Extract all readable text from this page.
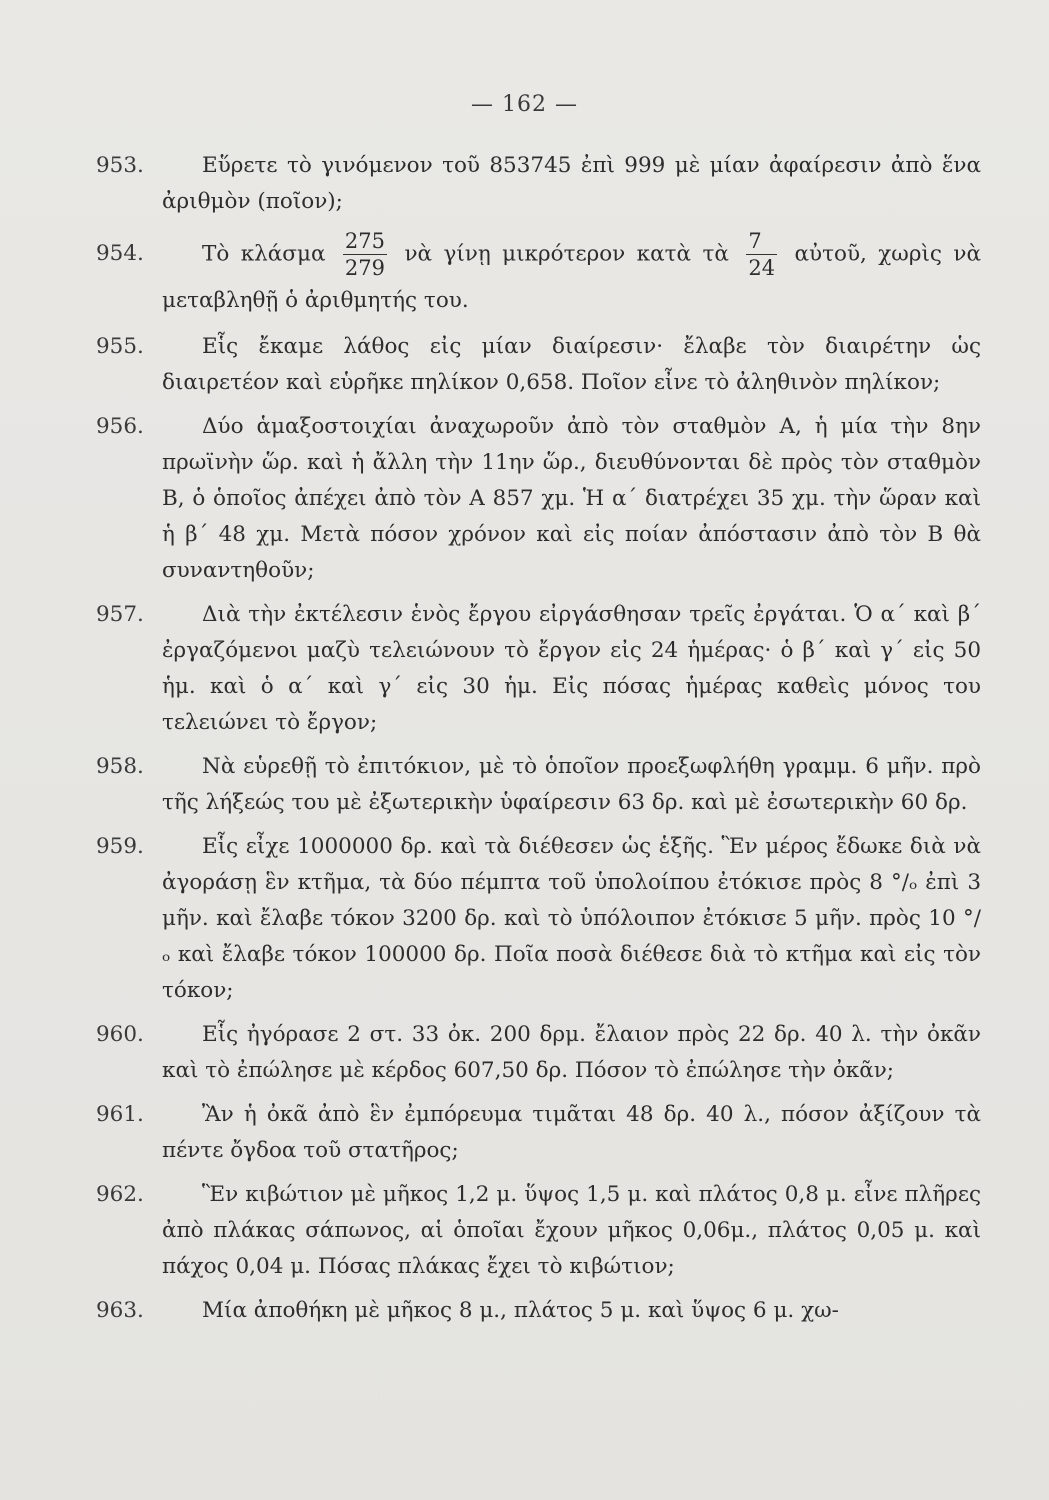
— 162 —
953.	Εὕρετε τὸ γινόμενον τοῦ 853745 ἐπὶ 999 μὲ μίαν ἀφαίρεσιν ἀπὸ ἕνα ἀριθμὸν (ποῖον);
954.	Τὸ κλάσμα $\frac{275}{279}$ νὰ γίνῃ μικρότερον κατὰ τὰ $\frac{7}{24}$ αὐτοῦ, χωρὶς νὰ μεταβληθῇ ὁ ἀριθμητής του.
955.	Εἷς ἔκαμε λάθος εἰς μίαν διαίρεσιν· ἔλαβε τὸν διαιρέτην ὡς διαιρετέον καὶ εὑρῆκε πηλίκον 0,658. Ποῖον εἶνε τὸ ἀληθινὸν πηλίκον;
956.	Δύο ἁμαξοστοιχίαι ἀναχωροῦν ἀπὸ τὸν σταθμὸν Α, ἡ μία τὴν 8ην πρωϊνὴν ὥρ. καὶ ἡ ἄλλη τὴν 11ην ὥρ., διευθύνονται δὲ πρὸς τὸν σταθμὸν Β, ὁ ὁποῖος ἀπέχει ἀπὸ τὸν Α 857 χμ. Ἡ α΄ διατρέχει 35 χμ. τὴν ὥραν καὶ ἡ β΄ 48 χμ. Μετὰ πόσον χρόνον καὶ εἰς ποίαν ἀπόστασιν ἀπὸ τὸν Β θὰ συναντηθοῦν;
957.	Διὰ τὴν ἐκτέλεσιν ἑνὸς ἔργου εἰργάσθησαν τρεῖς ἐργάται. Ὁ α΄ καὶ β΄ ἐργαζόμενοι μαζὺ τελειώνουν τὸ ἔργον εἰς 24 ἡμέρας· ὁ β΄ καὶ γ΄ εἰς 50 ἡμ. καὶ ὁ α΄ καὶ γ΄ εἰς 30 ἡμ. Εἰς πόσας ἡμέρας καθεὶς μόνος του τελειώνει τὸ ἔργον;
958.	Νὰ εὑρεθῇ τὸ ἐπιτόκιον, μὲ τὸ ὁποῖον προεξωφλήθη γραμμ. 6 μῆν. πρὸ τῆς λήξεώς του μὲ ἐξωτερικὴν ὑφαίρεσιν 63 δρ. καὶ μὲ ἐσωτερικὴν 60 δρ.
959.	Εἷς εἶχε 1000000 δρ. καὶ τὰ διέθεσεν ὡς ἑξῆς. Ἓν μέρος ἔδωκε διὰ νὰ ἀγοράσῃ ἓν κτῆμα, τὰ δύο πέμπτα τοῦ ὑπολοίπου ἐτόκισε πρὸς 8 °/ₒ ἐπὶ 3 μῆν. καὶ ἔλαβε τόκον 3200 δρ. καὶ τὸ ὑπόλοιπον ἐτόκισε 5 μῆν. πρὸς 10 °/ₒ καὶ ἔλαβε τόκον 100000 δρ. Ποῖα ποσὰ διέθεσε διὰ τὸ κτῆμα καὶ εἰς τὸν τόκον;
960.	Εἷς ἠγόρασε 2 στ. 33 ὀκ. 200 δρμ. ἔλαιον πρὸς 22 δρ. 40 λ. τὴν ὀκᾶν καὶ τὸ ἐπώλησε μὲ κέρδος 607,50 δρ. Πόσον τὸ ἐπώλησε τὴν ὀκᾶν;
961.	Ἂν ἡ ὀκᾶ ἀπὸ ἓν ἐμπόρευμα τιμᾶται 48 δρ. 40 λ., πόσον ἀξίζουν τὰ πέντε ὄγδοα τοῦ στατῆρος;
962.	Ἓν κιβώτιον μὲ μῆκος 1,2 μ. ὕψος 1,5 μ. καὶ πλάτος 0,8 μ. εἶνε πλῆρες ἀπὸ πλάκας σάπωνος, αἱ ὁποῖαι ἔχουν μῆκος 0,06μ., πλάτος 0,05 μ. καὶ πάχος 0,04 μ. Πόσας πλάκας ἔχει τὸ κιβώτιον;
963.	Μία ἀποθήκη μὲ μῆκος 8 μ., πλάτος 5 μ. καὶ ὕψος 6 μ. χω-
